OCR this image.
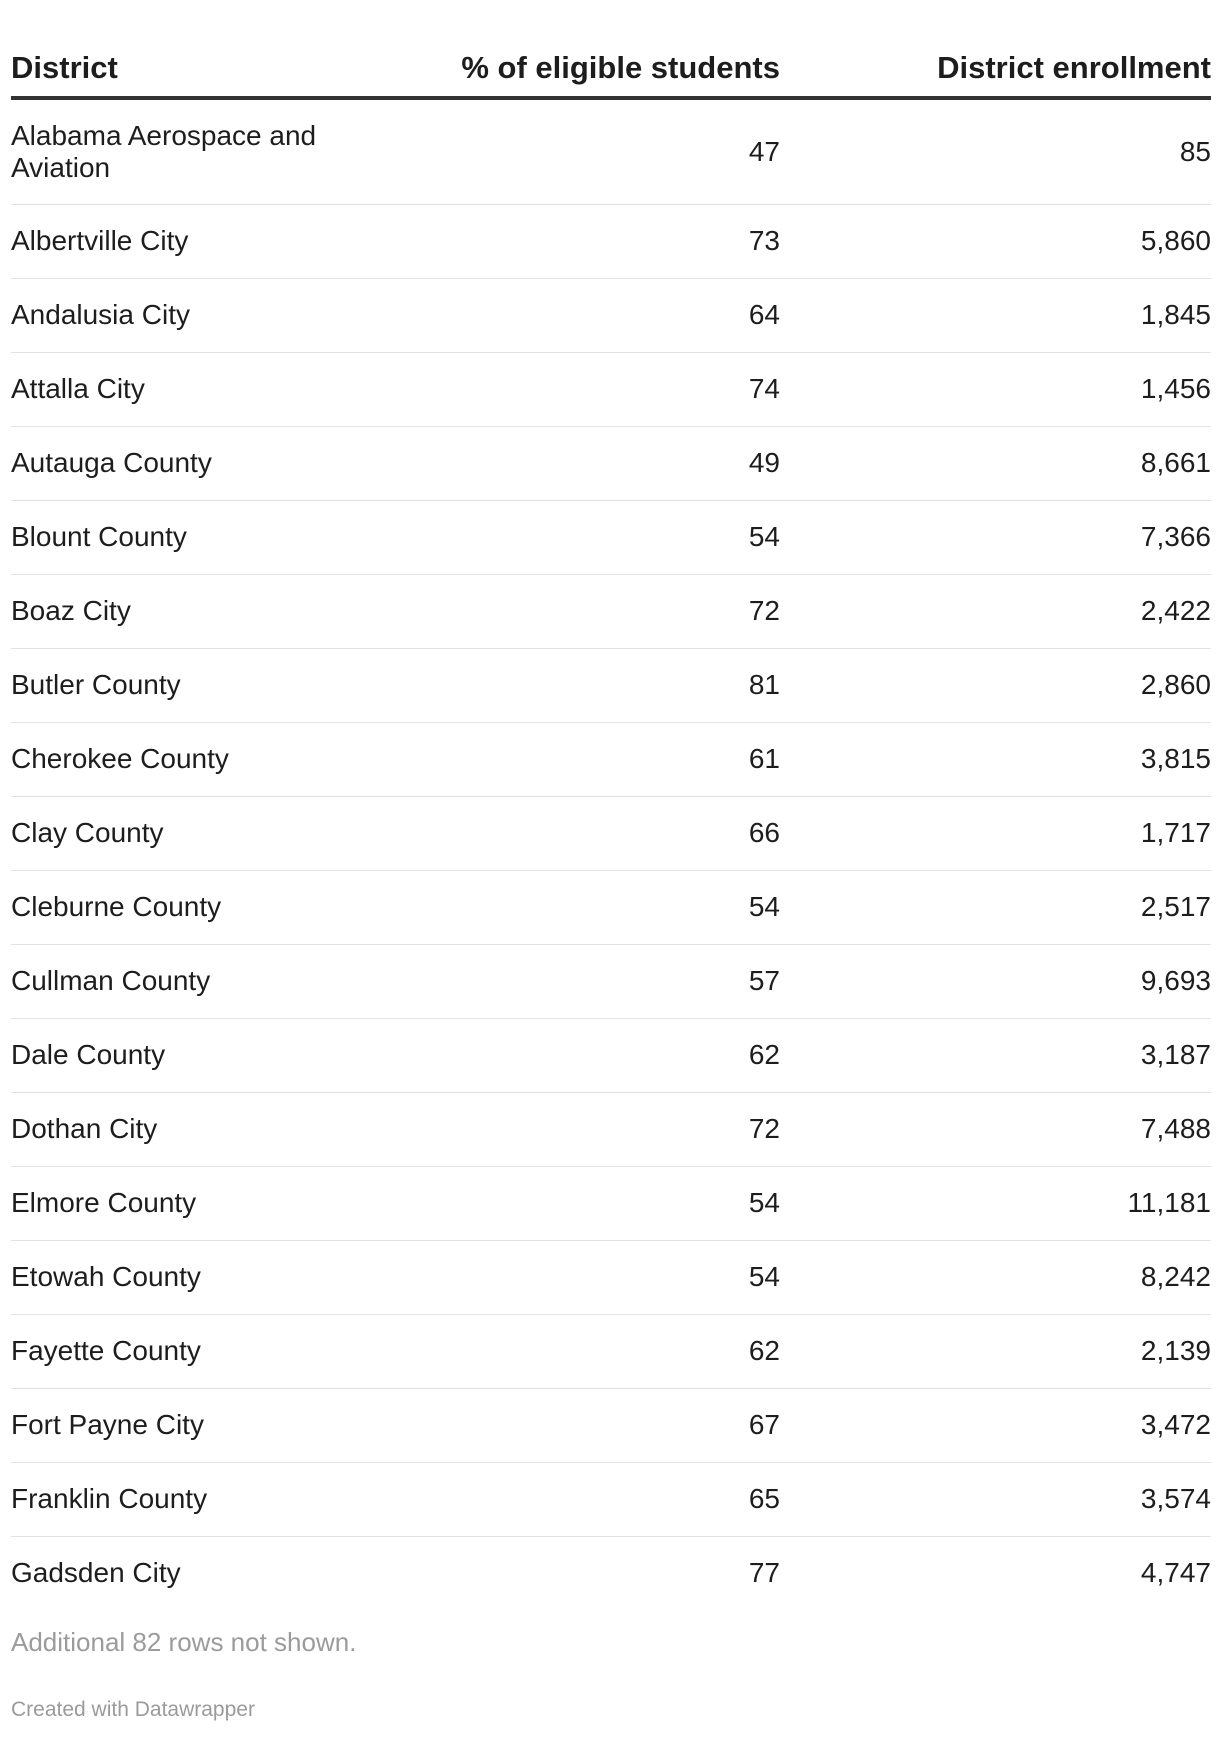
District	% of eligible students	District enrollment

Alabama Aerospace and Aviation	47	85
Albertville City	73	5,860
Andalusia City	64	1,845
Attalla City	74	1,456
Autauga County	49	8,661
Blount County	54	7,366
Boaz City	72	2,422
Butler County	81	2,860
Cherokee County	61	3,815
Clay County	66	1,717
Cleburne County	54	2,517
Cullman County	57	9,693
Dale County	62	3,187
Dothan City	72	7,488
Elmore County	54	11,181
Etowah County	54	8,242
Fayette County	62	2,139
Fort Payne City	67	3,472
Franklin County	65	3,574
Gadsden City	77	4,747
Additional 82 rows not shown.
Created with Datawrapper
